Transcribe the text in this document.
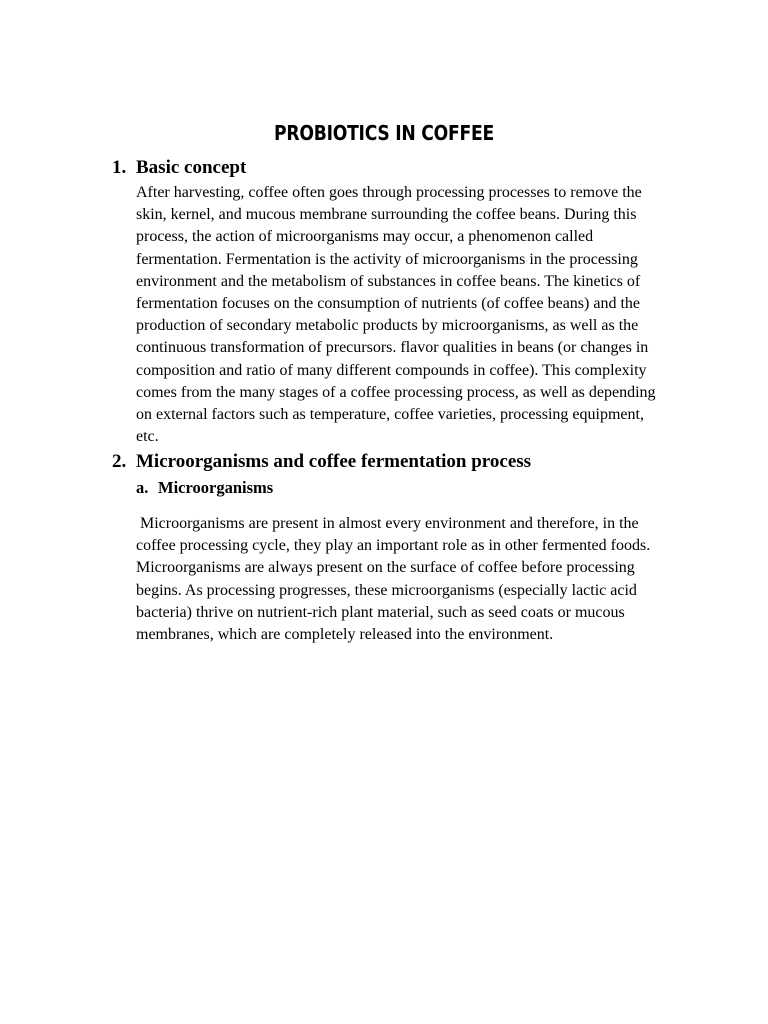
PROBIOTICS IN COFFEE
1. Basic concept

After harvesting, coffee often goes through processing processes to remove the
skin, kernel, and mucous membrane surrounding the coffee beans. During this
process, the action of microorganisms may occur, a phenomenon called
fermentation. Fermentation is the activity of microorganisms in the processing
environment and the metabolism of substances in coffee beans. The kinetics of
fermentation focuses on the consumption of nutrients (of coffee beans) and the
production of secondary metabolic products by microorganisms, as well as the
continuous transformation of precursors. flavor qualities in beans (or changes in
composition and ratio of many different compounds in coffee). This complexity
comes from the many stages of a coffee processing process, as well as depending
on external factors such as temperature, coffee varieties, processing equipment,
etc.

2. Microorganisms and coffee fermentation process
a. Microorganisms

Microorganisms are present in almost every environment and therefore, in the
coffee processing cycle, they play an important role as in other fermented foods.
Microorganisms are always present on the surface of coffee before processing
begins. As processing progresses, these microorganisms (especially lactic acid
bacteria) thrive on nutrient-rich plant material, such as seed coats or mucous
membranes, which are completely released into the environment.
